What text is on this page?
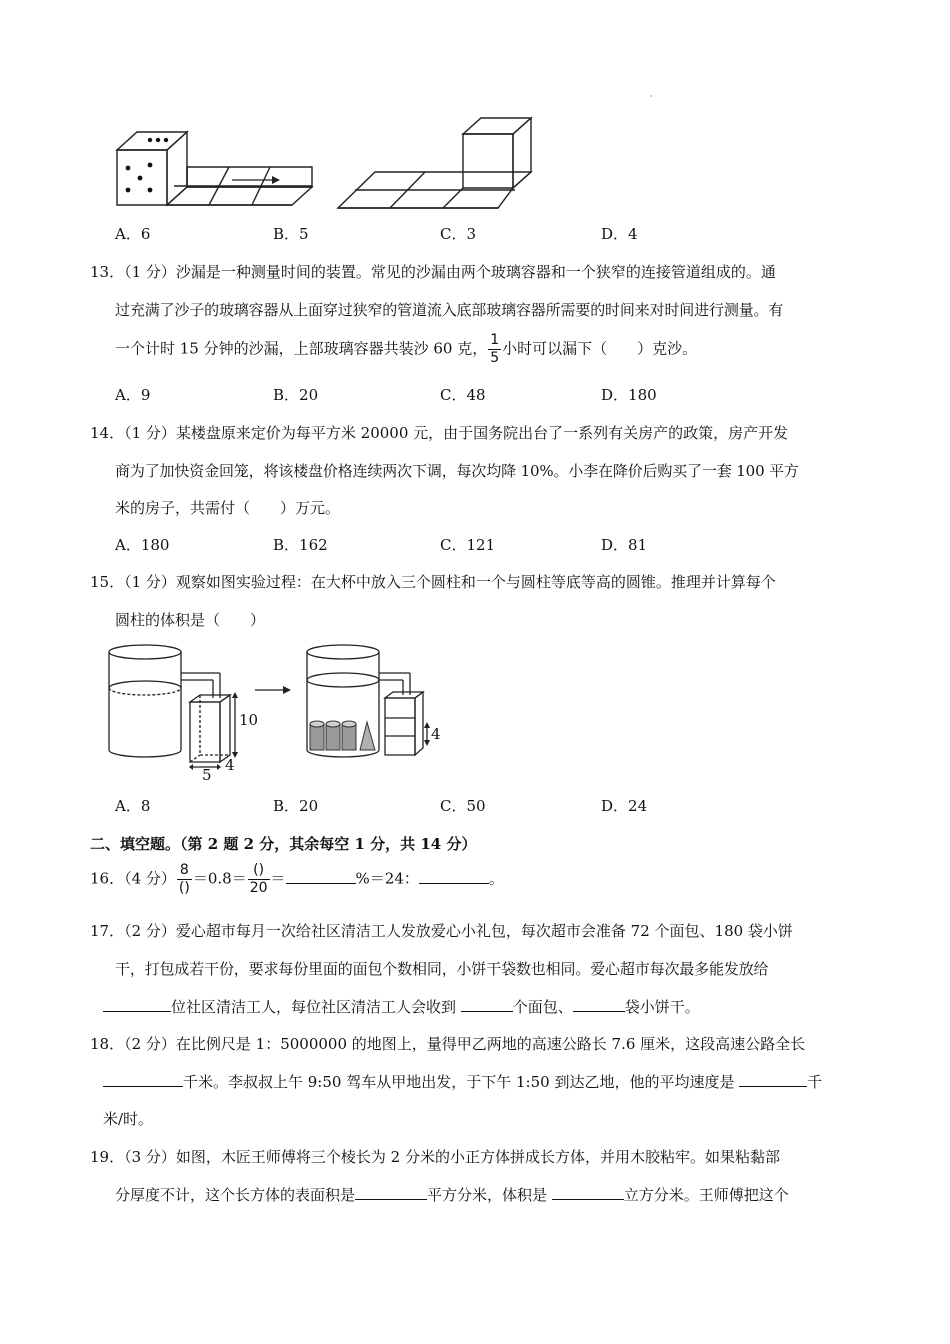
·
A．6	B．5	C．3	D．4
13．（1 分）沙漏是一种测量时间的装置。常见的沙漏由两个玻璃容器和一个狭窄的连接管道组成的。通
过充满了沙子的玻璃容器从上面穿过狭窄的管道流入底部玻璃容器所需要的时间来对时间进行测量。有
一个计时 15 分钟的沙漏，上部玻璃容器共装沙 60 克， $\frac{1}{5}$ 小时可以漏下（　　）克沙。
A．9	B．20	C．48	D．180
14．（1 分）某楼盘原来定价为每平方米 20000 元，由于国务院出台了一系列有关房产的政策，房产开发
商为了加快资金回笼，将该楼盘价格连续两次下调，每次均降 10%。小李在降价后购买了一套 100 平方
米的房子，共需付（　　）万元。
A．180	B．162	C．121	D．81
15．（1 分）观察如图实验过程：在大杯中放入三个圆柱和一个与圆柱等底等高的圆锥。推理并计算每个
圆柱的体积是（　　）
10
5
4
4
A．8	B．20	C．50	D．24
二、填空题。（第 2 题 2 分，其余每空 1 分，共 14 分）
16．（4 分） $\frac{8}{()} =0.8= \frac{()}{20}$ ＝	%＝24：	。
17．（2 分）爱心超市每月一次给社区清洁工人发放爱心小礼包，每次超市会准备 72 个面包、180 袋小饼
干，打包成若干份，要求每份里面的面包个数相同，小饼干袋数也相同。爱心超市每次最多能发放给
位社区清洁工人，每位社区清洁工人会收到	个面包、	袋小饼干。
18．（2 分）在比例尺是 1：5000000 的地图上，量得甲乙两地的高速公路长 7.6 厘米，这段高速公路全长
千米。李叔叔上午 9:50 驾车从甲地出发，于下午 1:50 到达乙地，他的平均速度是	千
米/时。
19．（3 分）如图，木匠王师傅将三个棱长为 2 分米的小正方体拼成长方体，并用木胶粘牢。如果粘黏部
分厚度不计，这个长方体的表面积是	平方分米，体积是	立方分米。王师傅把这个
